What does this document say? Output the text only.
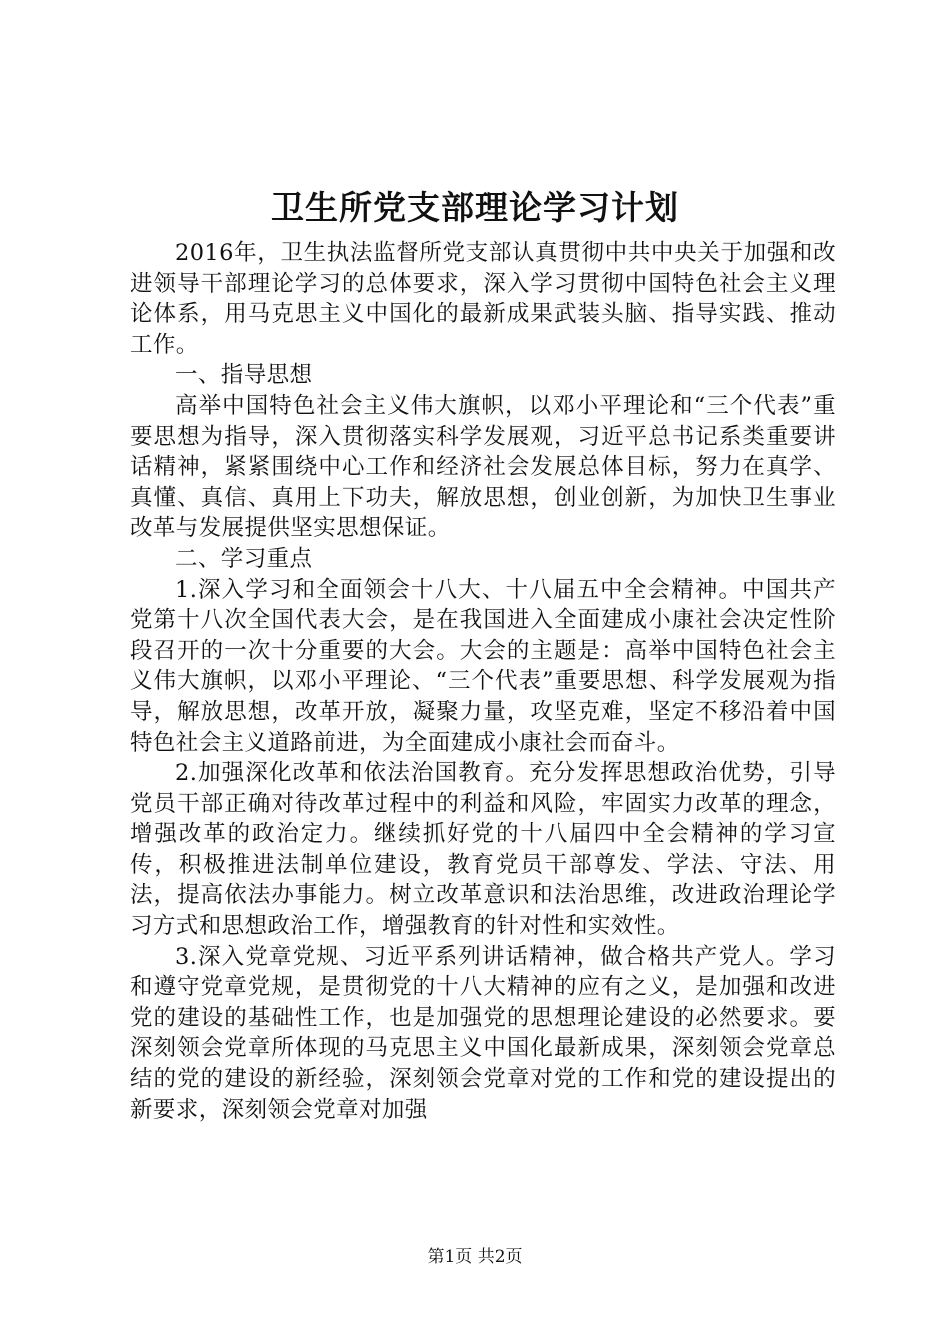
卫生所党支部理论学习计划

2016年，卫生执法监督所党支部认真贯彻中共中央关于加强和改进领导干部理论学习的总体要求，深入学习贯彻中国特色社会主义理论体系，用马克思主义中国化的最新成果武装头脑、指导实践、推动工作。

一、指导思想

高举中国特色社会主义伟大旗帜，以邓小平理论和“三个代表”重要思想为指导，深入贯彻落实科学发展观，习近平总书记系类重要讲话精神，紧紧围绕中心工作和经济社会发展总体目标，努力在真学、真懂、真信、真用上下功夫，解放思想，创业创新，为加快卫生事业改革与发展提供坚实思想保证。

二、学习重点

1.深入学习和全面领会十八大、十八届五中全会精神。中国共产党第十八次全国代表大会，是在我国进入全面建成小康社会决定性阶段召开的一次十分重要的大会。大会的主题是：高举中国特色社会主义伟大旗帜，以邓小平理论、“三个代表”重要思想、科学发展观为指导，解放思想，改革开放，凝聚力量，攻坚克难，坚定不移沿着中国特色社会主义道路前进，为全面建成小康社会而奋斗。

2.加强深化改革和依法治国教育。充分发挥思想政治优势，引导党员干部正确对待改革过程中的利益和风险，牢固实力改革的理念，增强改革的政治定力。继续抓好党的十八届四中全会精神的学习宣传，积极推进法制单位建设，教育党员干部尊发、学法、守法、用法，提高依法办事能力。树立改革意识和法治思维，改进政治理论学习方式和思想政治工作，增强教育的针对性和实效性。

3.深入党章党规、习近平系列讲话精神，做合格共产党人。学习和遵守党章党规，是贯彻党的十八大精神的应有之义，是加强和改进党的建设的基础性工作，也是加强党的思想理论建设的必然要求。要深刻领会党章所体现的马克思主义中国化最新成果，深刻领会党章总结的党的建设的新经验，深刻领会党章对党的工作和党的建设提出的新要求，深刻领会党章对加强

第1页 共2页
